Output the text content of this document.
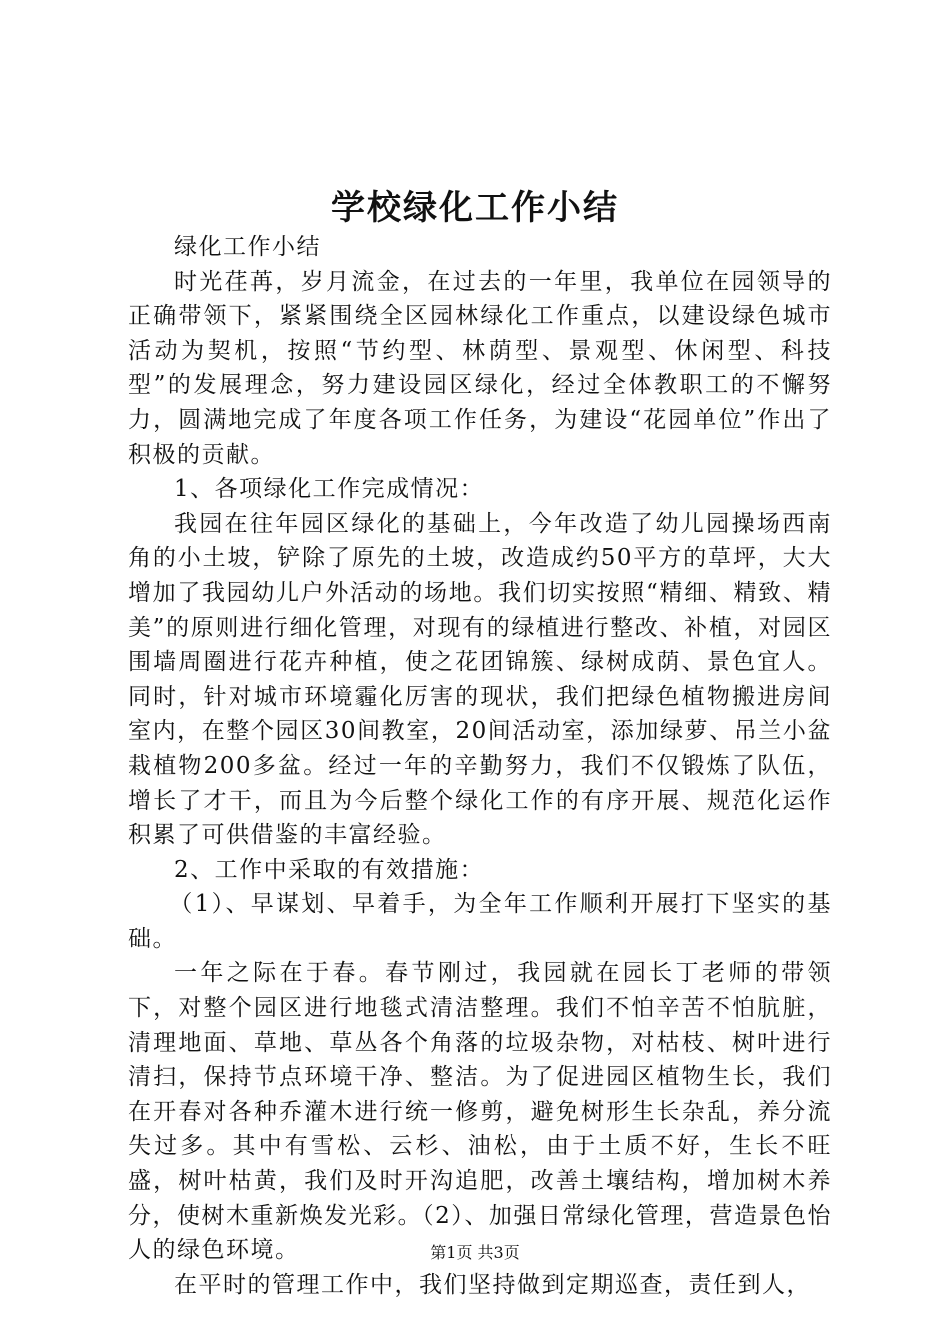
学校绿化工作小结

绿化工作小结

时光荏苒，岁月流金，在过去的一年里，我单位在园领导的正确带领下，紧紧围绕全区园林绿化工作重点，以建设绿色城市活动为契机，按照“节约型、林荫型、景观型、休闲型、科技型”的发展理念，努力建设园区绿化，经过全体教职工的不懈努力，圆满地完成了年度各项工作任务，为建设“花园单位”作出了积极的贡献。

1、各项绿化工作完成情况：

我园在往年园区绿化的基础上，今年改造了幼儿园操场西南角的小土坡，铲除了原先的土坡，改造成约50平方的草坪，大大增加了我园幼儿户外活动的场地。我们切实按照“精细、精致、精美”的原则进行细化管理，对现有的绿植进行整改、补植，对园区围墙周圈进行花卉种植，使之花团锦簇、绿树成荫、景色宜人。同时，针对城市环境霾化厉害的现状，我们把绿色植物搬进房间室内，在整个园区30间教室，20间活动室，添加绿萝、吊兰小盆栽植物200多盆。经过一年的辛勤努力，我们不仅锻炼了队伍，增长了才干，而且为今后整个绿化工作的有序开展、规范化运作积累了可供借鉴的丰富经验。

2、工作中采取的有效措施：

（1）、早谋划、早着手，为全年工作顺利开展打下坚实的基础。

一年之际在于春。春节刚过，我园就在园长丁老师的带领下，对整个园区进行地毯式清洁整理。我们不怕辛苦不怕肮脏，清理地面、草地、草丛各个角落的垃圾杂物，对枯枝、树叶进行清扫，保持节点环境干净、整洁。为了促进园区植物生长，我们在开春对各种乔灌木进行统一修剪，避免树形生长杂乱，养分流失过多。其中有雪松、云杉、油松，由于土质不好，生长不旺盛，树叶枯黄，我们及时开沟追肥，改善土壤结构，增加树木养分，使树木重新焕发光彩。（2）、加强日常绿化管理，营造景色怡人的绿色环境。

在平时的管理工作中，我们坚持做到定期巡查，责任到人，

第1页 共3页
